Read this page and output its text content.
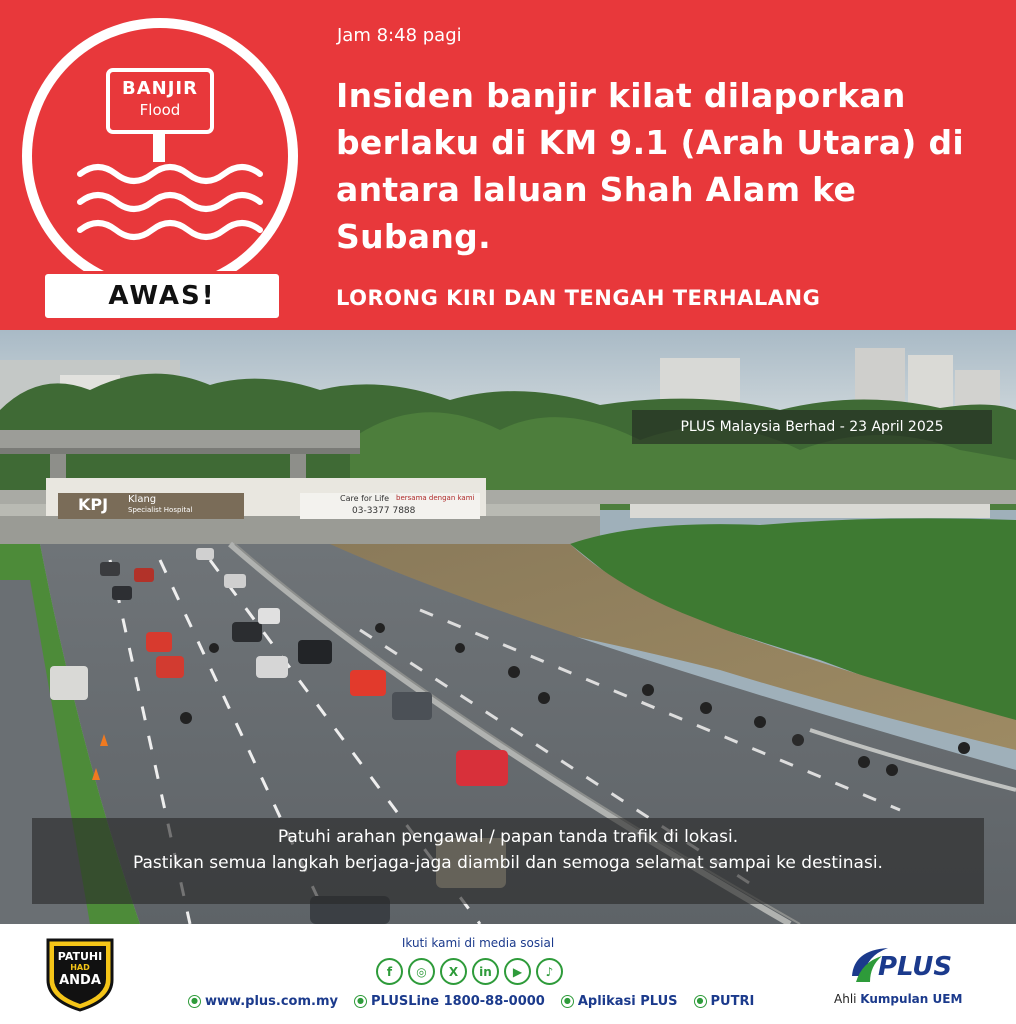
BANJIR
Flood
AWAS!
Jam 8:48 pagi
Insiden banjir kilat dilaporkan berlaku di KM 9.1 (Arah Utara) di antara laluan Shah Alam ke Subang.
LORONG KIRI DAN TENGAH TERHALANG
KPJ Klang
Specialist Hospital
Care for Life bersama dengan kami
03-3377 7888
PLUS Malaysia Berhad - 23 April 2025
Patuhi arahan pengawal / papan tanda trafik di lokasi.
Pastikan semua langkah berjaga-jaga diambil dan semoga selamat sampai ke destinasi.
PATUHI
HAD
ANDA
Ikuti kami di media sosial
f	◎	X	in	▶	♪
● www.plus.com.my	● PLUSLine 1800-88-0000	● Aplikasi PLUS	● PUTRI
PLUS
Ahli Kumpulan UEM
